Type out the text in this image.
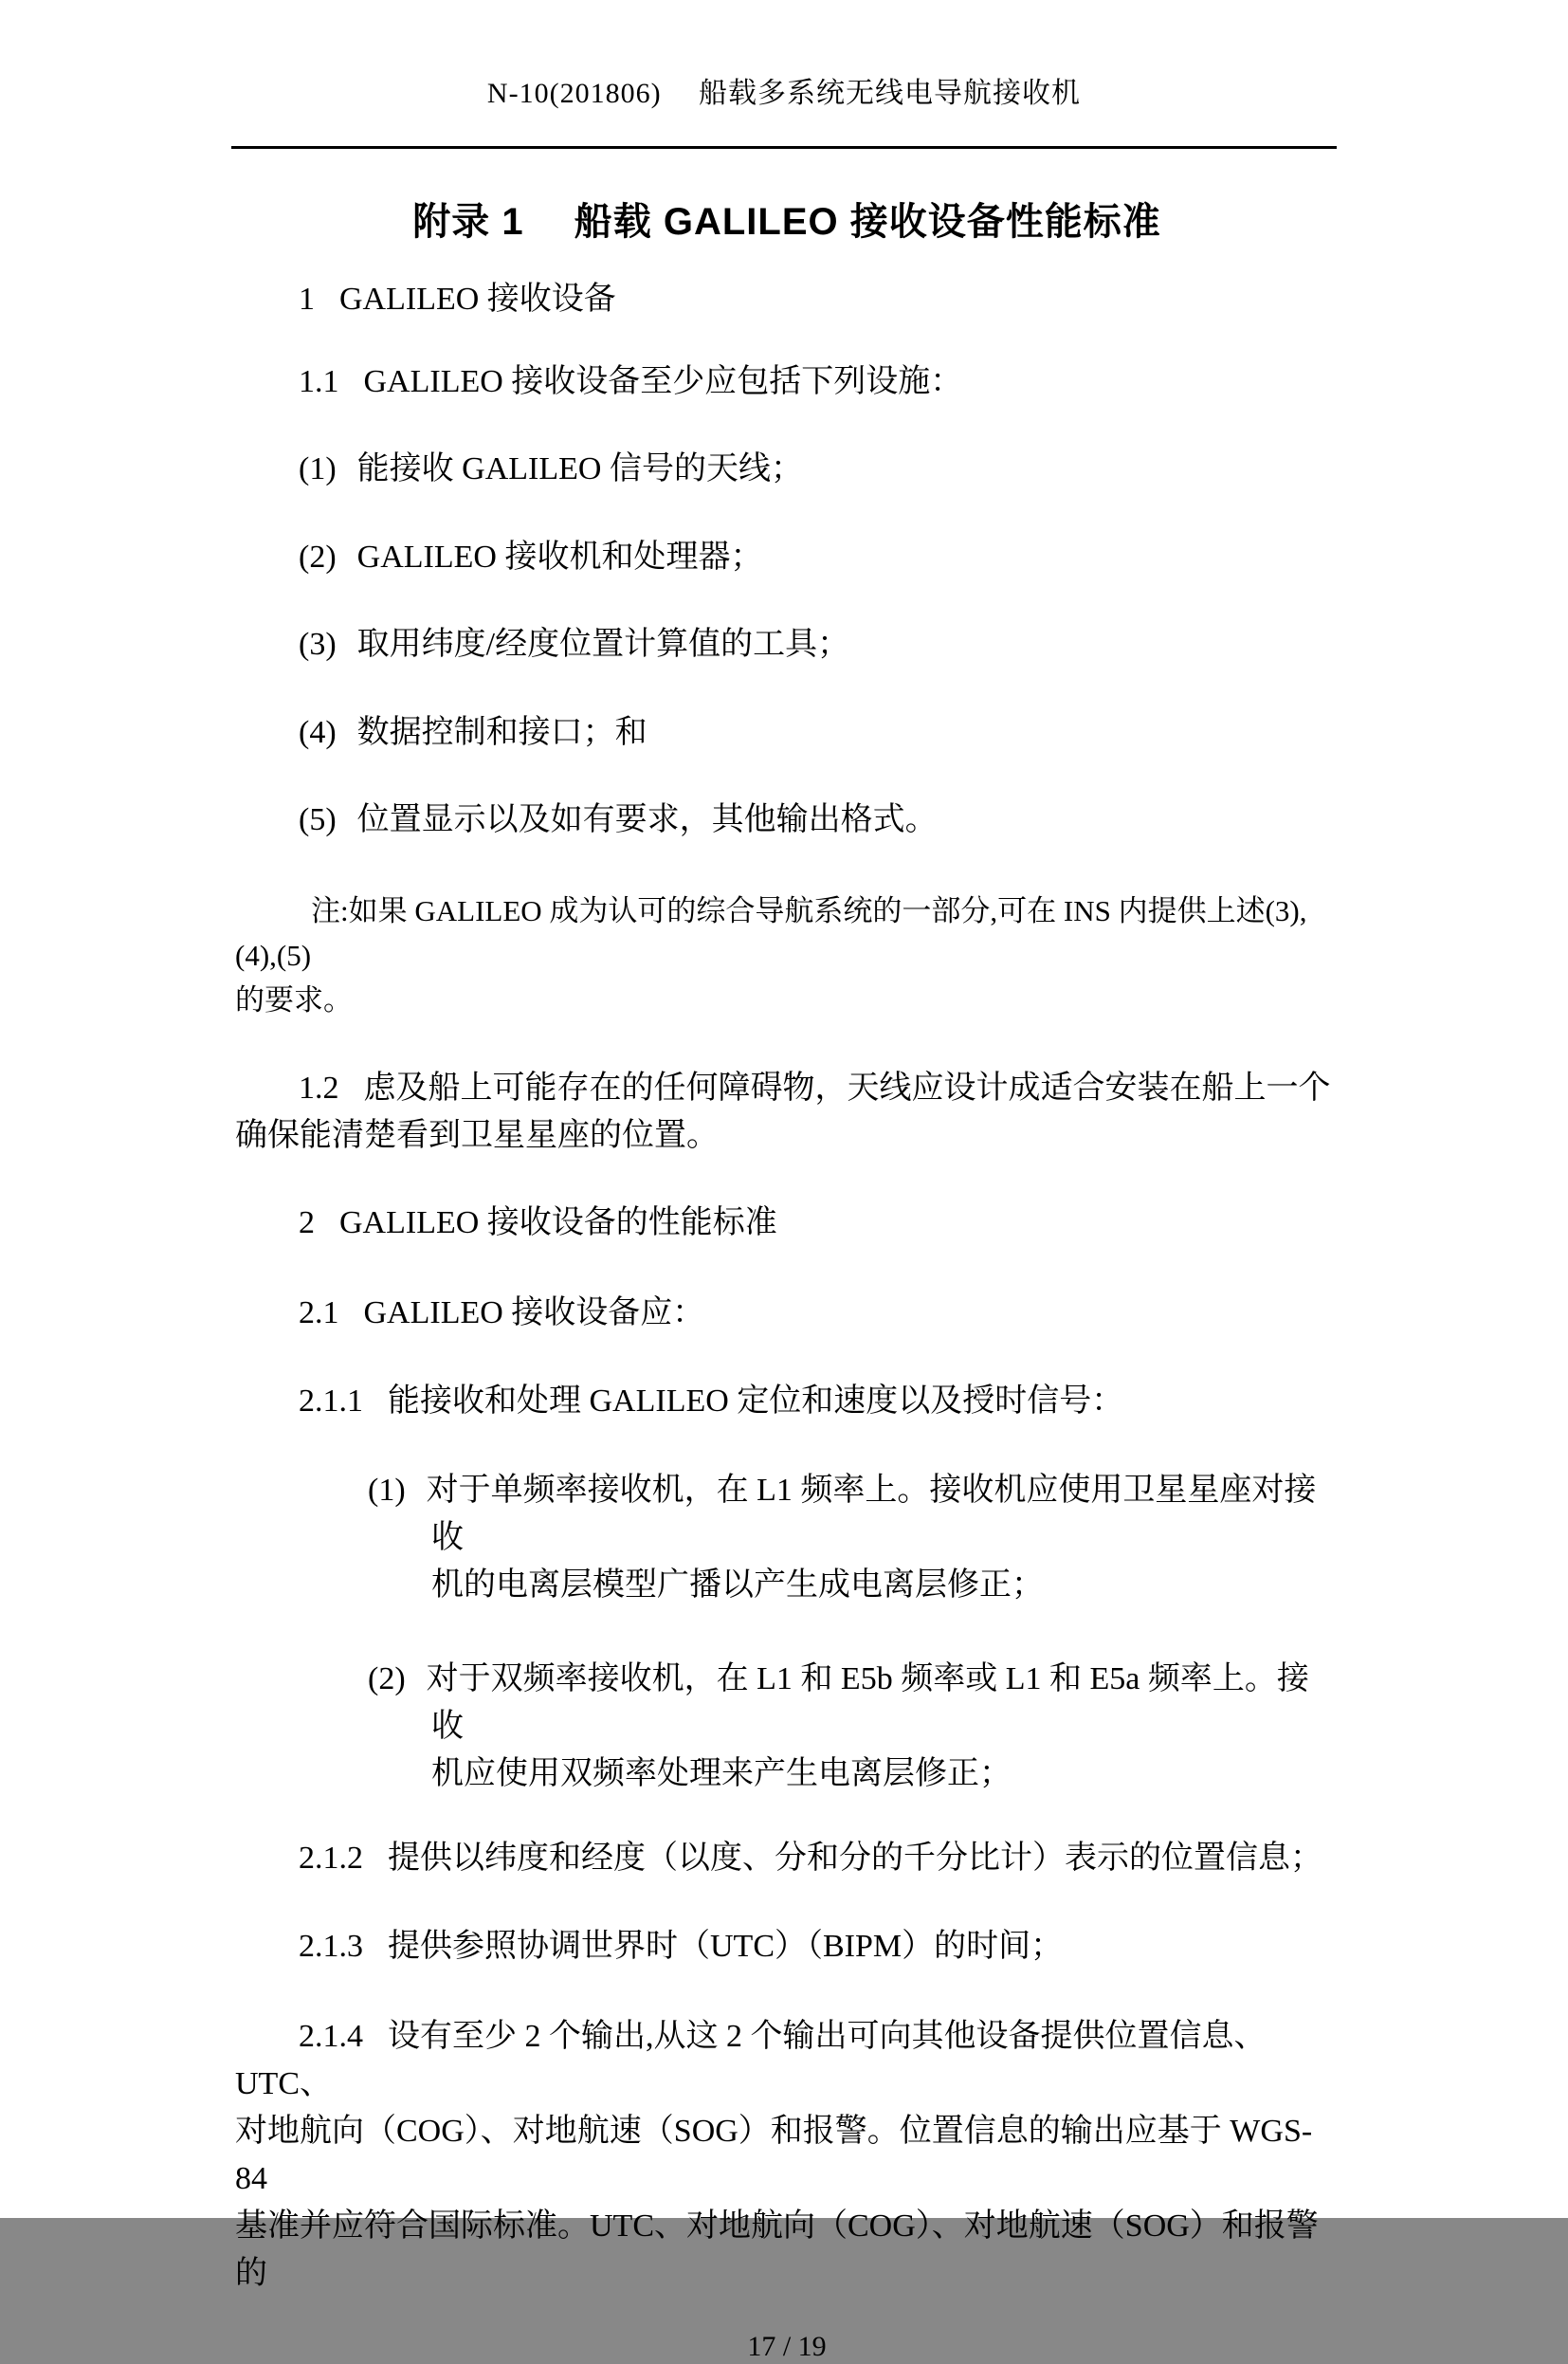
N-10(201806)　 船载多系统无线电导航接收机
附录 1　 船载 GALILEO 接收设备性能标准

1 GALILEO 接收设备

1.1 GALILEO 接收设备至少应包括下列设施：

(1) 能接收 GALILEO 信号的天线；

(2) GALILEO 接收机和处理器；

(3) 取用纬度/经度位置计算值的工具；

(4) 数据控制和接口；和

(5) 位置显示以及如有要求，其他输出格式。

注:如果 GALILEO 成为认可的综合导航系统的一部分,可在 INS 内提供上述(3),(4),(5)
的要求。

1.2 虑及船上可能存在的任何障碍物，天线应设计成适合安装在船上一个
确保能清楚看到卫星星座的位置。

2 GALILEO 接收设备的性能标准

2.1 GALILEO 接收设备应：

2.1.1 能接收和处理 GALILEO 定位和速度以及授时信号：

(1) 对于单频率接收机，在 L1 频率上。接收机应使用卫星星座对接收
机的电离层模型广播以产生成电离层修正；

(2) 对于双频率接收机，在 L1 和 E5b 频率或 L1 和 E5a 频率上。接收
机应使用双频率处理来产生电离层修正；

2.1.2 提供以纬度和经度（以度、分和分的千分比计）表示的位置信息；

2.1.3 提供参照协调世界时（UTC）（BIPM）的时间；

2.1.4 设有至少 2 个输出,从这 2 个输出可向其他设备提供位置信息、UTC、
对地航向（COG）、对地航速（SOG）和报警。位置信息的输出应基于 WGS-84
基准并应符合国际标准。UTC、对地航向（COG）、对地航速（SOG）和报警的

17 / 19
